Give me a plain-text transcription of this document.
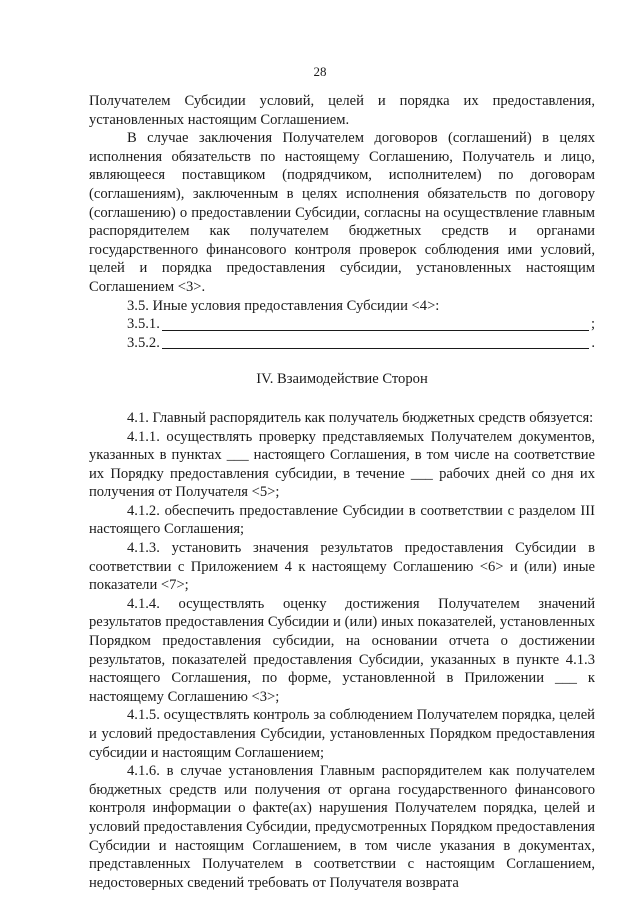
28

Получателем Субсидии условий, целей и порядка их предоставления, установленных настоящим Соглашением.

В случае заключения Получателем договоров (соглашений) в целях исполнения обязательств по настоящему Соглашению, Получатель и лицо, являющееся поставщиком (подрядчиком, исполнителем) по договорам (соглашениям), заключенным в целях исполнения обязательств по договору (соглашению) о предоставлении Субсидии, согласны на осуществление главным распорядителем как получателем бюджетных средств и органами государственного финансового контроля проверок соблюдения ими условий, целей и порядка предоставления субсидии, установленных настоящим Соглашением <3>.

3.5. Иные условия предоставления Субсидии <4>:

3.5.1.	;
3.5.2.	.

IV. Взаимодействие Сторон

4.1. Главный распорядитель как получатель бюджетных средств обязуется:

4.1.1. осуществлять проверку представляемых Получателем документов, указанных в пунктах ___ настоящего Соглашения, в том числе на соответствие их Порядку предоставления субсидии, в течение ___ рабочих дней со дня их получения от Получателя <5>;

4.1.2. обеспечить предоставление Субсидии в соответствии с разделом III настоящего Соглашения;

4.1.3. установить значения результатов предоставления Субсидии в соответствии с Приложением 4 к настоящему Соглашению <6> и (или) иные показатели <7>;

4.1.4. осуществлять оценку достижения Получателем значений результатов предоставления Субсидии и (или) иных показателей, установленных Порядком предоставления субсидии, на основании отчета о достижении результатов, показателей предоставления Субсидии, указанных в пункте 4.1.3 настоящего Соглашения, по форме, установленной в Приложении ___ к настоящему Соглашению <3>;

4.1.5. осуществлять контроль за соблюдением Получателем порядка, целей и условий предоставления Субсидии, установленных Порядком предоставления субсидии и настоящим Соглашением;

4.1.6. в случае установления Главным распорядителем как получателем бюджетных средств или получения от органа государственного финансового контроля информации о факте(ах) нарушения Получателем порядка, целей и условий предоставления Субсидии, предусмотренных Порядком предоставления Субсидии и настоящим Соглашением, в том числе указания в документах, представленных Получателем в соответствии с настоящим Соглашением, недостоверных сведений требовать от Получателя возврата
